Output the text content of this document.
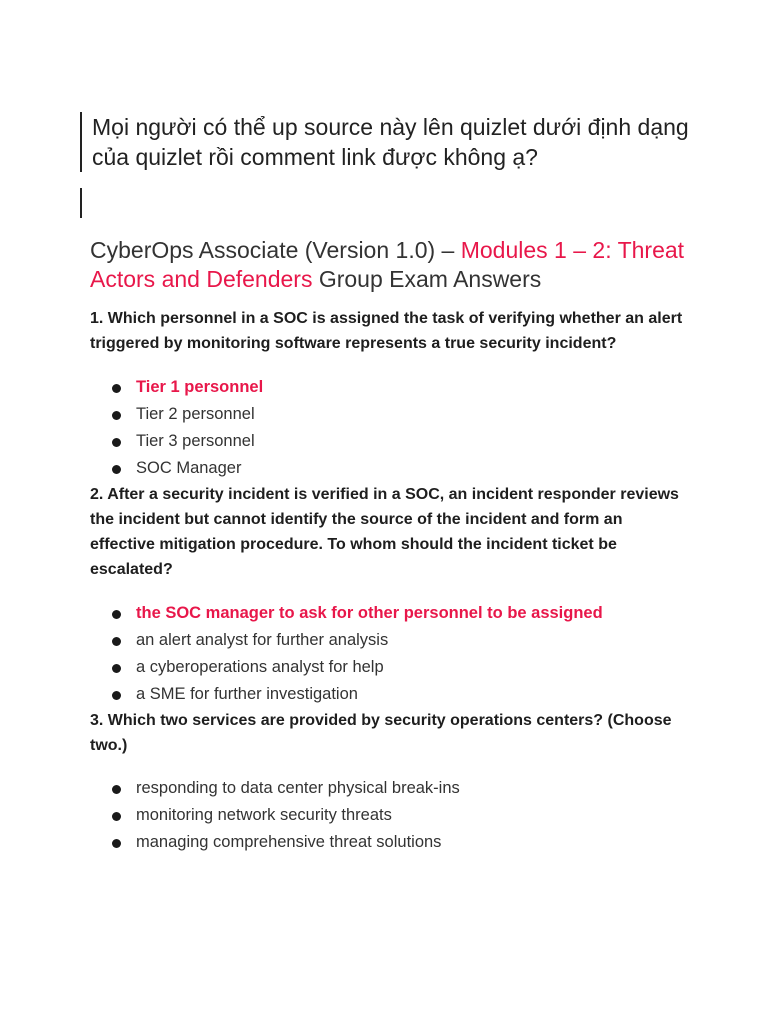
Mọi người có thể up source này lên quizlet dưới định dạng của quizlet rồi comment link được không ạ?
CyberOps Associate (Version 1.0) – Modules 1 – 2: Threat Actors and Defenders Group Exam Answers

1. Which personnel in a SOC is assigned the task of verifying whether an alert triggered by monitoring software represents a true security incident?

Tier 1 personnel
Tier 2 personnel
Tier 3 personnel
SOC Manager

2. After a security incident is verified in a SOC, an incident responder reviews the incident but cannot identify the source of the incident and form an effective mitigation procedure. To whom should the incident ticket be escalated?

the SOC manager to ask for other personnel to be assigned
an alert analyst for further analysis
a cyberoperations analyst for help
a SME for further investigation

3. Which two services are provided by security operations centers? (Choose two.)

responding to data center physical break-ins
monitoring network security threats
managing comprehensive threat solutions
